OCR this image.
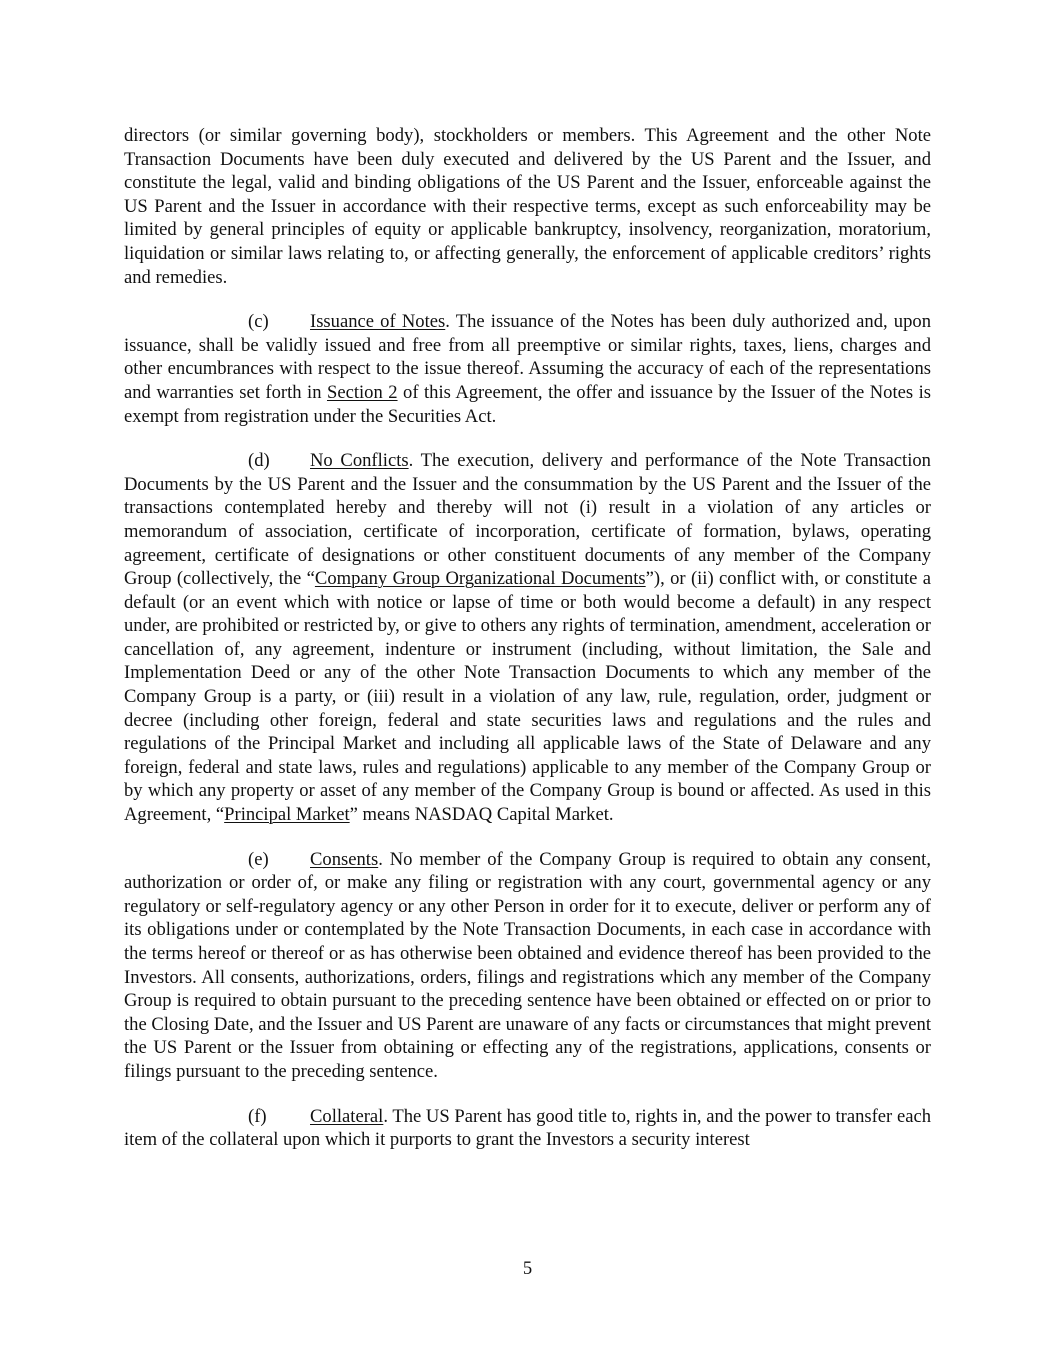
directors (or similar governing body), stockholders or members. This Agreement and the other Note Transaction Documents have been duly executed and delivered by the US Parent and the Issuer, and constitute the legal, valid and binding obligations of the US Parent and the Issuer, enforceable against the US Parent and the Issuer in accordance with their respective terms, except as such enforceability may be limited by general principles of equity or applicable bankruptcy, insolvency, reorganization, moratorium, liquidation or similar laws relating to, or affecting generally, the enforcement of applicable creditors’ rights and remedies.

(c) Issuance of Notes. The issuance of the Notes has been duly authorized and, upon issuance, shall be validly issued and free from all preemptive or similar rights, taxes, liens, charges and other encumbrances with respect to the issue thereof. Assuming the accuracy of each of the representations and warranties set forth in Section 2 of this Agreement, the offer and issuance by the Issuer of the Notes is exempt from registration under the Securities Act.

(d) No Conflicts. The execution, delivery and performance of the Note Transaction Documents by the US Parent and the Issuer and the consummation by the US Parent and the Issuer of the transactions contemplated hereby and thereby will not (i) result in a violation of any articles or memorandum of association, certificate of incorporation, certificate of formation, bylaws, operating agreement, certificate of designations or other constituent documents of any member of the Company Group (collectively, the “Company Group Organizational Documents”), or (ii) conflict with, or constitute a default (or an event which with notice or lapse of time or both would become a default) in any respect under, are prohibited or restricted by, or give to others any rights of termination, amendment, acceleration or cancellation of, any agreement, indenture or instrument (including, without limitation, the Sale and Implementation Deed or any of the other Note Transaction Documents to which any member of the Company Group is a party, or (iii) result in a violation of any law, rule, regulation, order, judgment or decree (including other foreign, federal and state securities laws and regulations and the rules and regulations of the Principal Market and including all applicable laws of the State of Delaware and any foreign, federal and state laws, rules and regulations) applicable to any member of the Company Group or by which any property or asset of any member of the Company Group is bound or affected. As used in this Agreement, “Principal Market” means NASDAQ Capital Market.

(e) Consents. No member of the Company Group is required to obtain any consent, authorization or order of, or make any filing or registration with any court, governmental agency or any regulatory or self-regulatory agency or any other Person in order for it to execute, deliver or perform any of its obligations under or contemplated by the Note Transaction Documents, in each case in accordance with the terms hereof or thereof or as has otherwise been obtained and evidence thereof has been provided to the Investors. All consents, authorizations, orders, filings and registrations which any member of the Company Group is required to obtain pursuant to the preceding sentence have been obtained or effected on or prior to the Closing Date, and the Issuer and US Parent are unaware of any facts or circumstances that might prevent the US Parent or the Issuer from obtaining or effecting any of the registrations, applications, consents or filings pursuant to the preceding sentence.

(f) Collateral. The US Parent has good title to, rights in, and the power to transfer each item of the collateral upon which it purports to grant the Investors a security interest

5
